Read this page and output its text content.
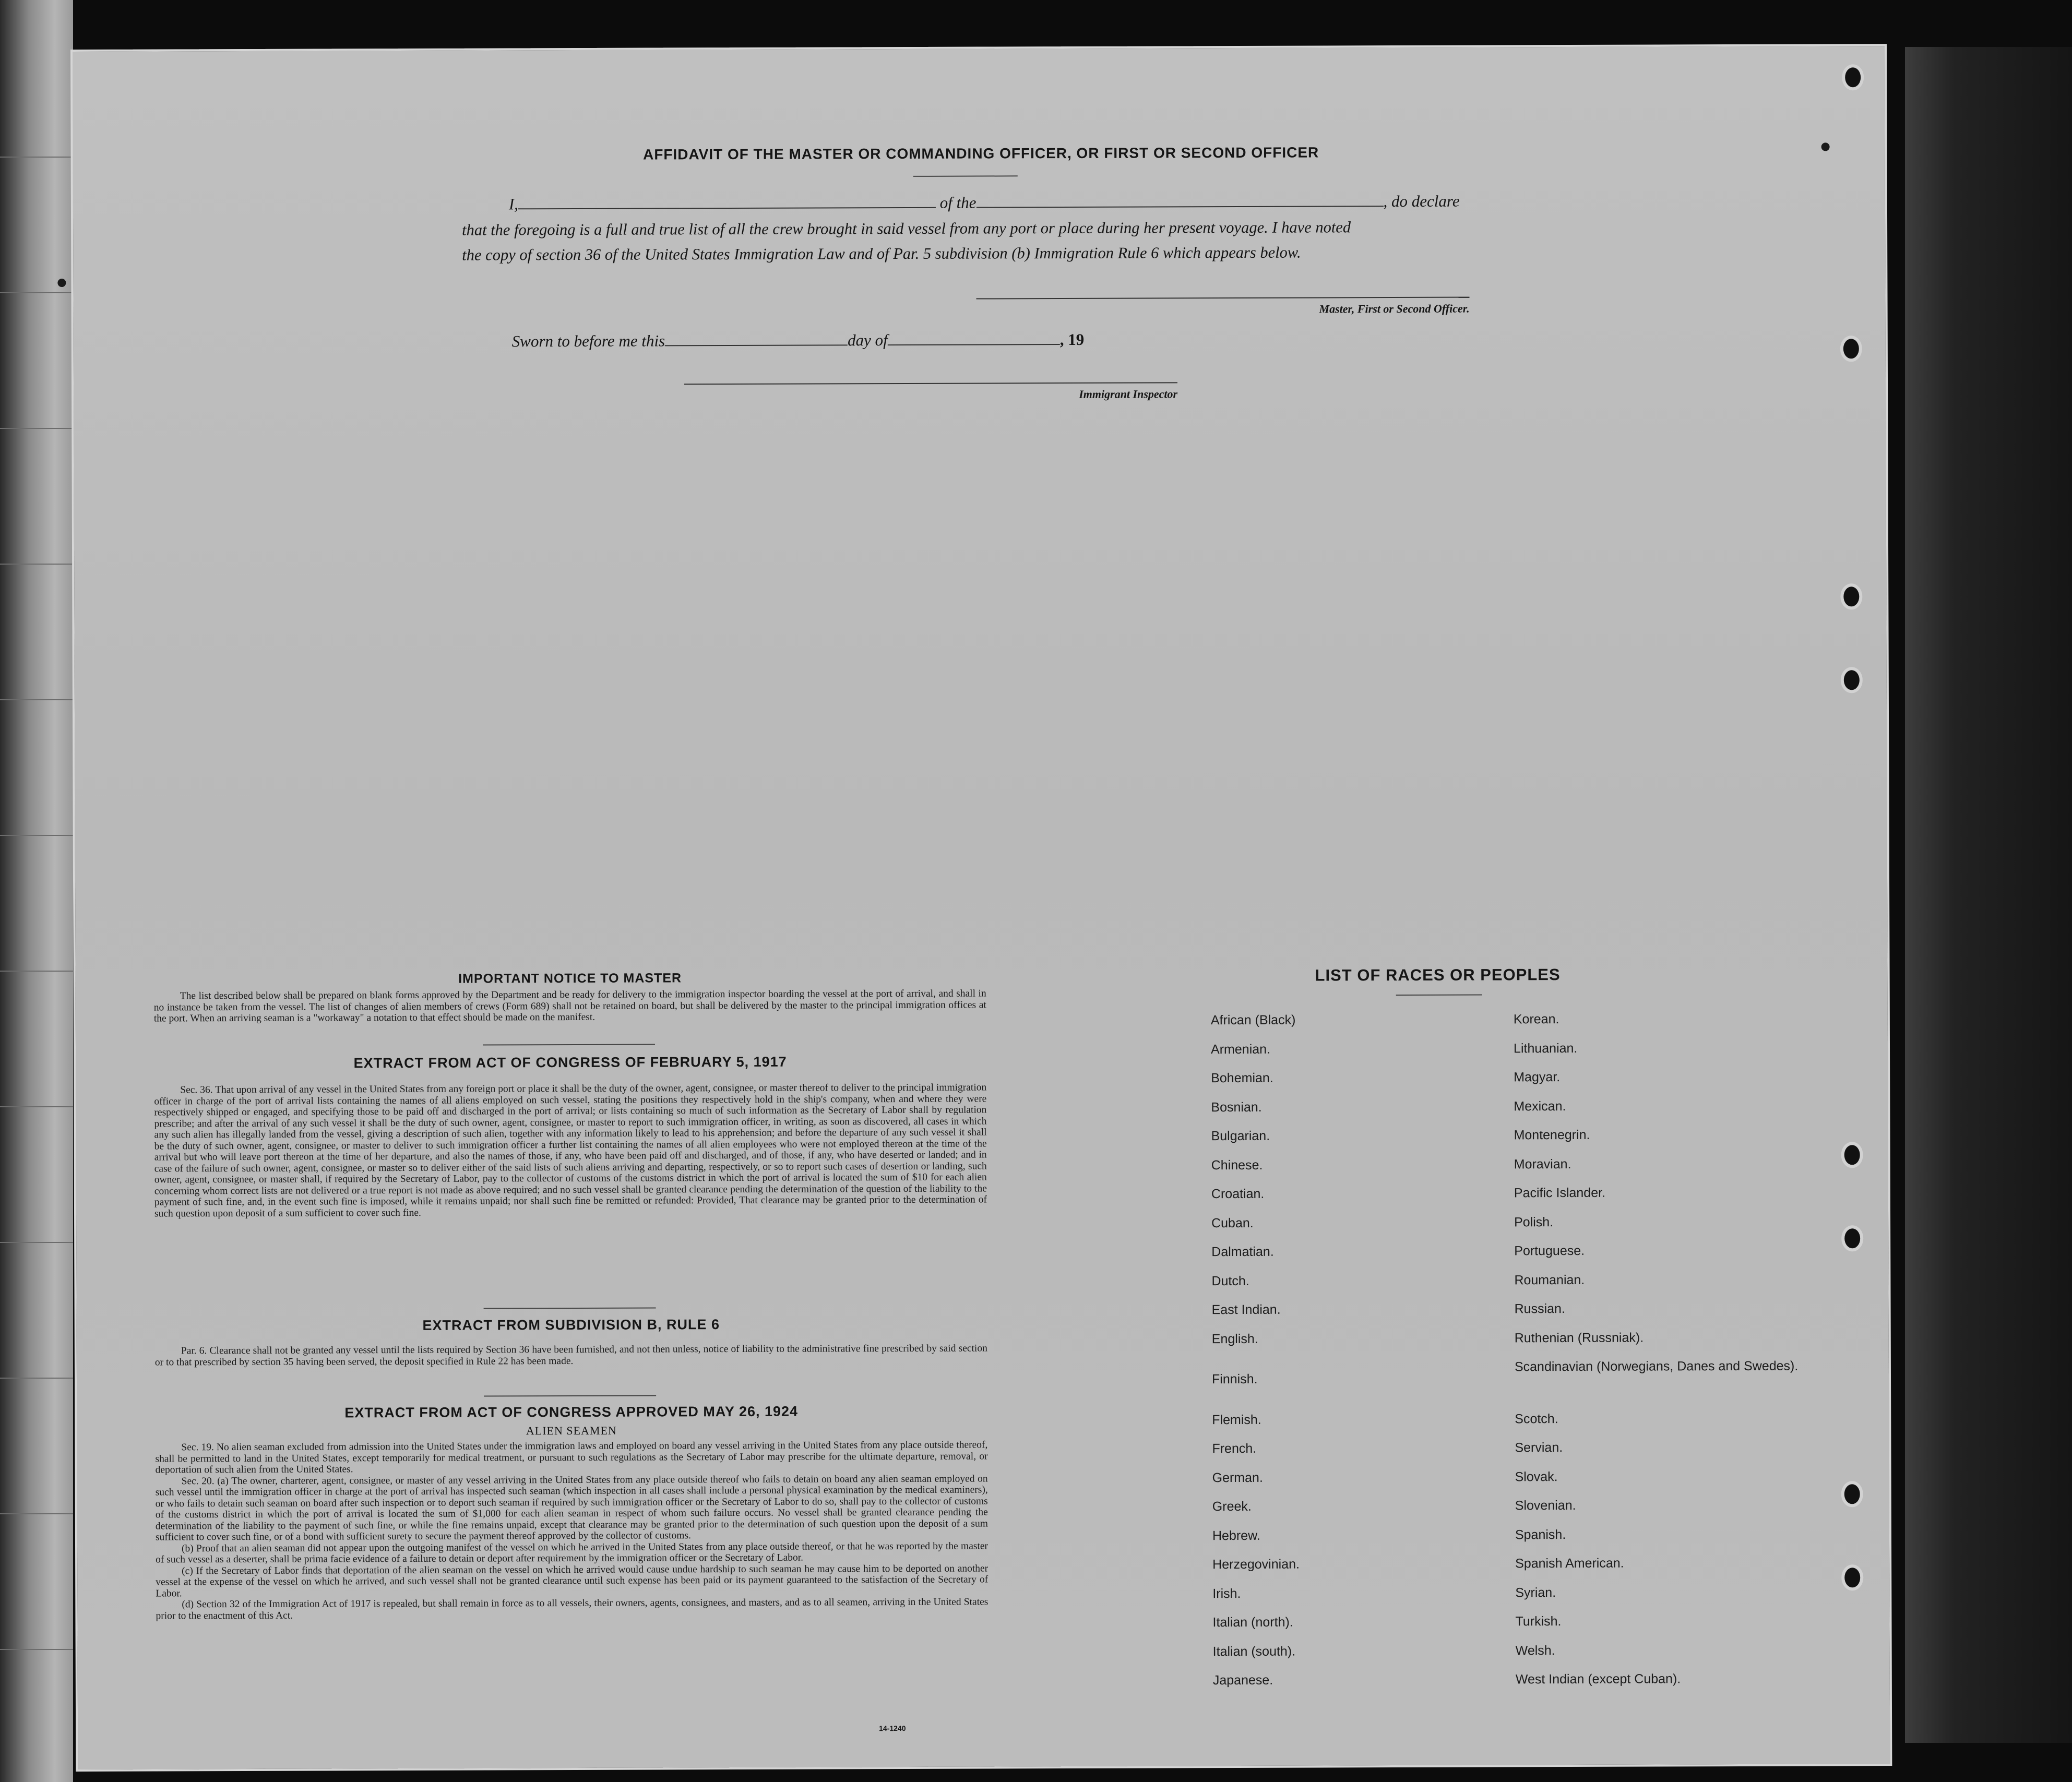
AFFIDAVIT OF THE MASTER OR COMMANDING OFFICER, OR FIRST OR SECOND OFFICER
I,	of the	, do declare
that the foregoing is a full and true list of all the crew brought in said vessel from any port or place during her present voyage. I have noted
the copy of section 36 of the United States Immigration Law and of Par. 5 subdivision (b) Immigration Rule 6 which appears below.
Master, First or Second Officer.
Sworn to before me this	day of	, 19
Immigrant Inspector
IMPORTANT NOTICE TO MASTER

The list described below shall be prepared on blank forms approved by the Department and be ready for delivery to the immigration inspector boarding the vessel at the port of arrival, and shall in no instance be taken from the vessel. The list of changes of alien members of crews (Form 689) shall not be retained on board, but shall be delivered by the master to the principal immigration offices at the port. When an arriving seaman is a "workaway" a notation to that effect should be made on the manifest.

EXTRACT FROM ACT OF CONGRESS OF FEBRUARY 5, 1917

Sec. 36. That upon arrival of any vessel in the United States from any foreign port or place it shall be the duty of the owner, agent, consignee, or master thereof to deliver to the principal immigration officer in charge of the port of arrival lists containing the names of all aliens employed on such vessel, stating the positions they respectively hold in the ship's company, when and where they were respectively shipped or engaged, and specifying those to be paid off and discharged in the port of arrival; or lists containing so much of such information as the Secretary of Labor shall by regulation prescribe; and after the arrival of any such vessel it shall be the duty of such owner, agent, consignee, or master to report to such immigration officer, in writing, as soon as discovered, all cases in which any such alien has illegally landed from the vessel, giving a description of such alien, together with any information likely to lead to his apprehension; and before the departure of any such vessel it shall be the duty of such owner, agent, consignee, or master to deliver to such immigration officer a further list containing the names of all alien employees who were not employed thereon at the time of the arrival but who will leave port thereon at the time of her departure, and also the names of those, if any, who have been paid off and discharged, and of those, if any, who have deserted or landed; and in case of the failure of such owner, agent, consignee, or master so to deliver either of the said lists of such aliens arriving and departing, respectively, or so to report such cases of desertion or landing, such owner, agent, consignee, or master shall, if required by the Secretary of Labor, pay to the collector of customs of the customs district in which the port of arrival is located the sum of $10 for each alien concerning whom correct lists are not delivered or a true report is not made as above required; and no such vessel shall be granted clearance pending the determination of the question of the liability to the payment of such fine, and, in the event such fine is imposed, while it remains unpaid; nor shall such fine be remitted or refunded: Provided, That clearance may be granted prior to the determination of such question upon deposit of a sum sufficient to cover such fine.

EXTRACT FROM SUBDIVISION B, RULE 6

Par. 6. Clearance shall not be granted any vessel until the lists required by Section 36 have been furnished, and not then unless, notice of liability to the administrative fine prescribed by said section or to that prescribed by section 35 having been served, the deposit specified in Rule 22 has been made.

EXTRACT FROM ACT OF CONGRESS APPROVED MAY 26, 1924
ALIEN SEAMEN

Sec. 19. No alien seaman excluded from admission into the United States under the immigration laws and employed on board any vessel arriving in the United States from any place outside thereof, shall be permitted to land in the United States, except temporarily for medical treatment, or pursuant to such regulations as the Secretary of Labor may prescribe for the ultimate departure, removal, or deportation of such alien from the United States.

Sec. 20. (a) The owner, charterer, agent, consignee, or master of any vessel arriving in the United States from any place outside thereof who fails to detain on board any alien seaman employed on such vessel until the immigration officer in charge at the port of arrival has inspected such seaman (which inspection in all cases shall include a personal physical examination by the medical examiners), or who fails to detain such seaman on board after such inspection or to deport such seaman if required by such immigration officer or the Secretary of Labor to do so, shall pay to the collector of customs of the customs district in which the port of arrival is located the sum of $1,000 for each alien seaman in respect of whom such failure occurs. No vessel shall be granted clearance pending the determination of the liability to the payment of such fine, or while the fine remains unpaid, except that clearance may be granted prior to the determination of such question upon the deposit of a sum sufficient to cover such fine, or of a bond with sufficient surety to secure the payment thereof approved by the collector of customs.

(b) Proof that an alien seaman did not appear upon the outgoing manifest of the vessel on which he arrived in the United States from any place outside thereof, or that he was reported by the master of such vessel as a deserter, shall be prima facie evidence of a failure to detain or deport after requirement by the immigration officer or the Secretary of Labor.

(c) If the Secretary of Labor finds that deportation of the alien seaman on the vessel on which he arrived would cause undue hardship to such seaman he may cause him to be deported on another vessel at the expense of the vessel on which he arrived, and such vessel shall not be granted clearance until such expense has been paid or its payment guaranteed to the satisfaction of the Secretary of Labor.

(d) Section 32 of the Immigration Act of 1917 is repealed, but shall remain in force as to all vessels, their owners, agents, consignees, and masters, and as to all seamen, arriving in the United States prior to the enactment of this Act.

14-1240
LIST OF RACES OR PEOPLES
African (Black)
Armenian.
Bohemian.
Bosnian.
Bulgarian.
Chinese.
Croatian.
Cuban.
Dalmatian.
Dutch.
East Indian.
English.
Finnish.
Flemish.
French.
German.
Greek.
Hebrew.
Herzegovinian.
Irish.
Italian (north).
Italian (south).
Japanese.
Korean.
Lithuanian.
Magyar.
Mexican.
Montenegrin.
Moravian.
Pacific Islander.
Polish.
Portuguese.
Roumanian.
Russian.
Ruthenian (Russniak).
Scandinavian (Norwegians, Danes and Swedes).
Scotch.
Servian.
Slovak.
Slovenian.
Spanish.
Spanish American.
Syrian.
Turkish.
Welsh.
West Indian (except Cuban).
